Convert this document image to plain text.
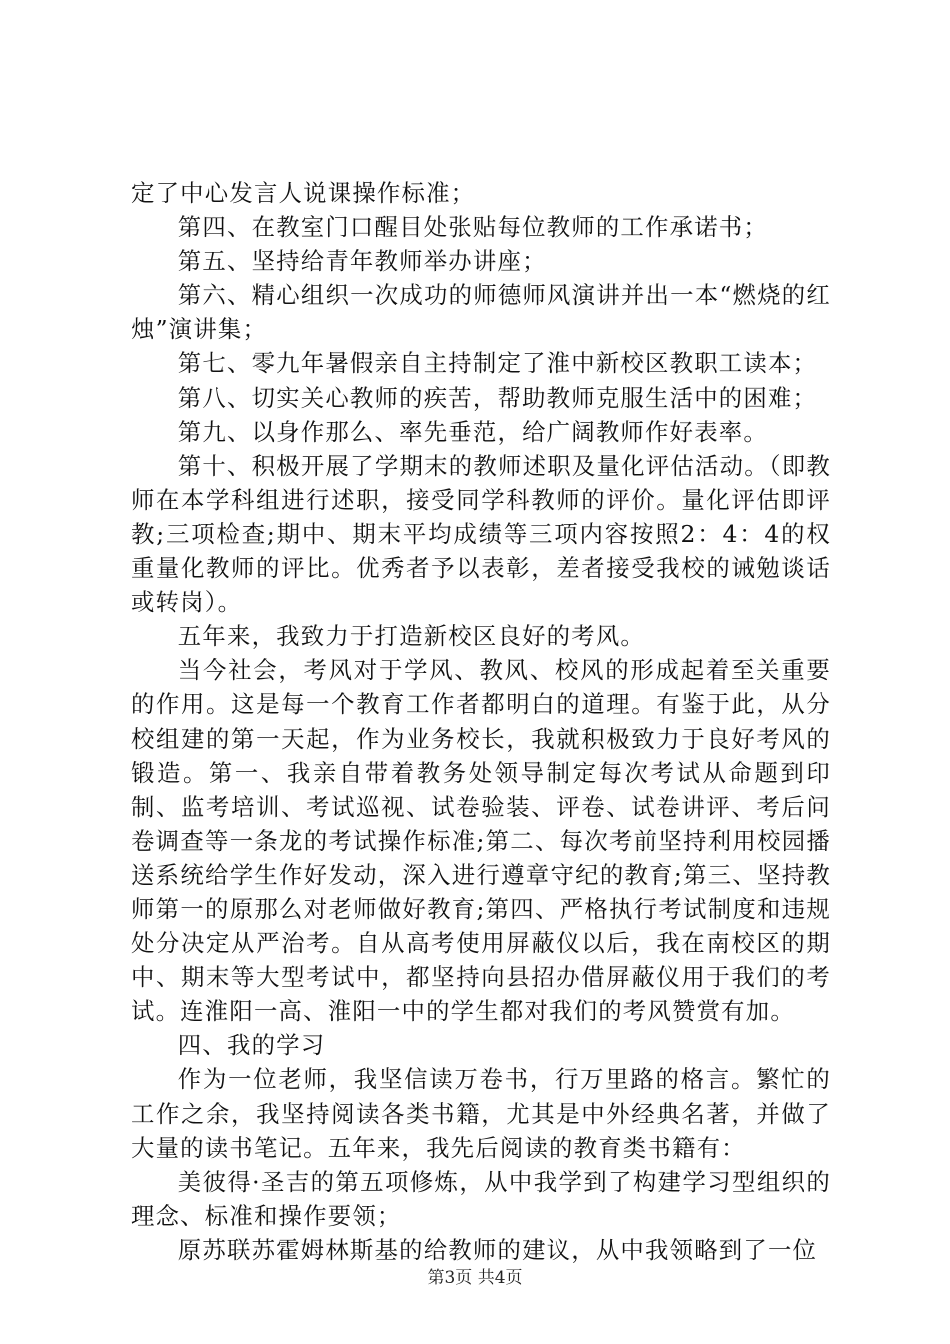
定了中心发言人说课操作标准；

第四、在教室门口醒目处张贴每位教师的工作承诺书；

第五、坚持给青年教师举办讲座；

第六、精心组织一次成功的师德师风演讲并出一本“燃烧的红烛”演讲集；

第七、零九年暑假亲自主持制定了淮中新校区教职工读本；

第八、切实关心教师的疾苦，帮助教师克服生活中的困难；

第九、以身作那么、率先垂范，给广阔教师作好表率。

第十、积极开展了学期末的教师述职及量化评估活动。（即教师在本学科组进行述职，接受同学科教师的评价。量化评估即评教;三项检查;期中、期末平均成绩等三项内容按照2：4：4的权重量化教师的评比。优秀者予以表彰，差者接受我校的诫勉谈话或转岗）。

五年来，我致力于打造新校区良好的考风。

当今社会，考风对于学风、教风、校风的形成起着至关重要的作用。这是每一个教育工作者都明白的道理。有鉴于此，从分校组建的第一天起，作为业务校长，我就积极致力于良好考风的锻造。第一、我亲自带着教务处领导制定每次考试从命题到印制、监考培训、考试巡视、试卷验装、评卷、试卷讲评、考后问卷调查等一条龙的考试操作标准;第二、每次考前坚持利用校园播送系统给学生作好发动，深入进行遵章守纪的教育;第三、坚持教师第一的原那么对老师做好教育;第四、严格执行考试制度和违规处分决定从严治考。自从高考使用屏蔽仪以后，我在南校区的期中、期末等大型考试中，都坚持向县招办借屏蔽仪用于我们的考试。连淮阳一高、淮阳一中的学生都对我们的考风赞赏有加。

四、我的学习

作为一位老师，我坚信读万卷书，行万里路的格言。繁忙的工作之余，我坚持阅读各类书籍，尤其是中外经典名著，并做了大量的读书笔记。五年来，我先后阅读的教育类书籍有：

美彼得·圣吉的第五项修炼，从中我学到了构建学习型组织的理念、标准和操作要领；

原苏联苏霍姆林斯基的给教师的建议，从中我领略到了一位

第3页 共4页
